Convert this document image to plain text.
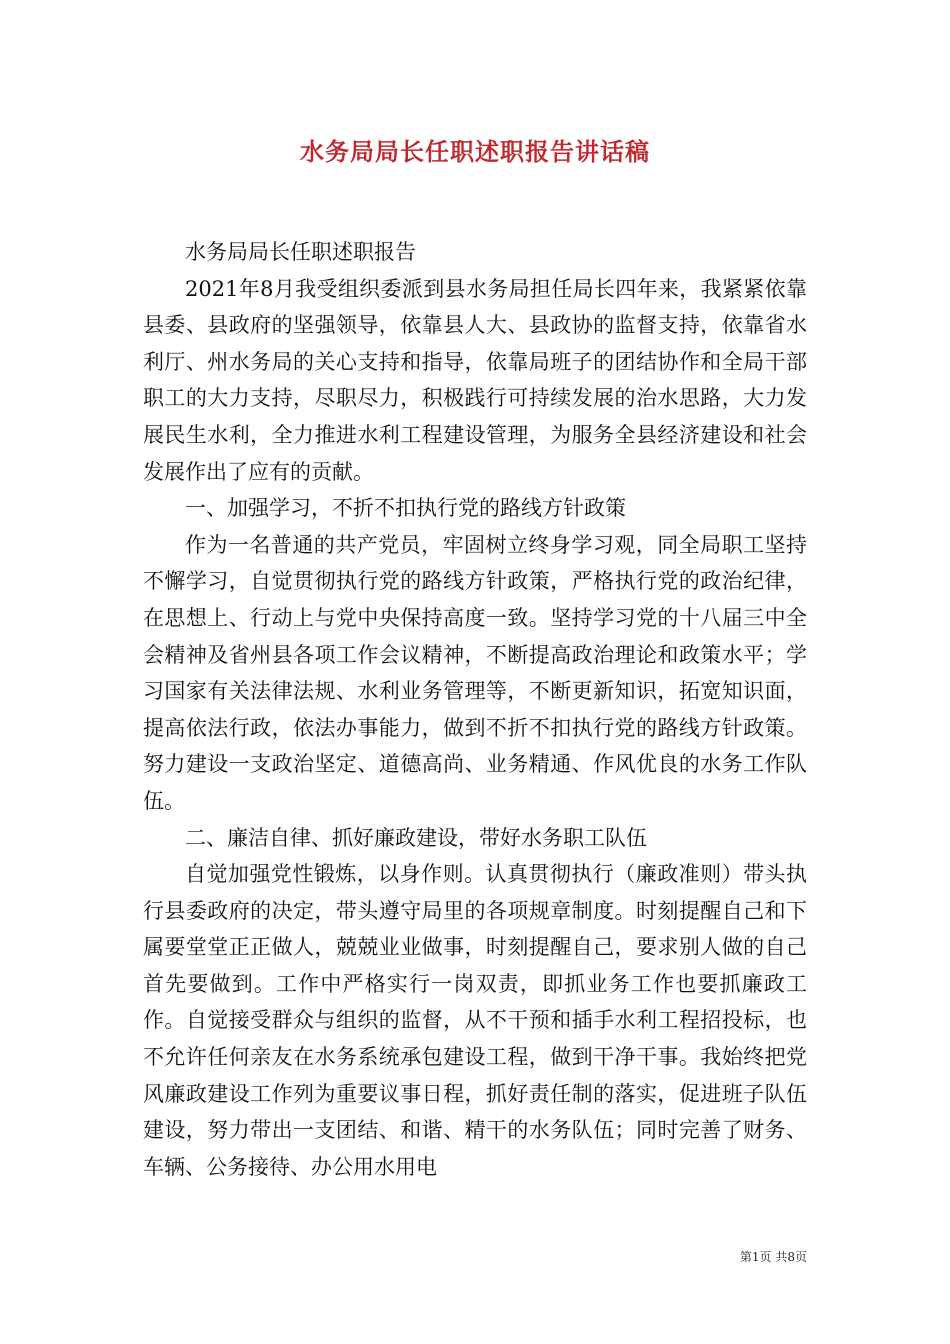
水务局局长任职述职报告讲话稿

水务局局长任职述职报告

2021年8月我受组织委派到县水务局担任局长四年来，我紧紧依靠县委、县政府的坚强领导，依靠县人大、县政协的监督支持，依靠省水利厅、州水务局的关心支持和指导，依靠局班子的团结协作和全局干部职工的大力支持，尽职尽力，积极践行可持续发展的治水思路，大力发展民生水利，全力推进水利工程建设管理，为服务全县经济建设和社会发展作出了应有的贡献。

一、加强学习，不折不扣执行党的路线方针政策

作为一名普通的共产党员，牢固树立终身学习观，同全局职工坚持不懈学习，自觉贯彻执行党的路线方针政策，严格执行党的政治纪律，在思想上、行动上与党中央保持高度一致。坚持学习党的十八届三中全会精神及省州县各项工作会议精神，不断提高政治理论和政策水平；学习国家有关法律法规、水利业务管理等，不断更新知识，拓宽知识面，提高依法行政，依法办事能力，做到不折不扣执行党的路线方针政策。努力建设一支政治坚定、道德高尚、业务精通、作风优良的水务工作队伍。

二、廉洁自律、抓好廉政建设，带好水务职工队伍

自觉加强党性锻炼，以身作则。认真贯彻执行（廉政准则）带头执行县委政府的决定，带头遵守局里的各项规章制度。时刻提醒自己和下属要堂堂正正做人，兢兢业业做事，时刻提醒自己，要求别人做的自己首先要做到。工作中严格实行一岗双责，即抓业务工作也要抓廉政工作。自觉接受群众与组织的监督，从不干预和插手水利工程招投标，也不允许任何亲友在水务系统承包建设工程，做到干净干事。我始终把党风廉政建设工作列为重要议事日程，抓好责任制的落实，促进班子队伍建设，努力带出一支团结、和谐、精干的水务队伍；同时完善了财务、车辆、公务接待、办公用水用电

第1页 共8页
